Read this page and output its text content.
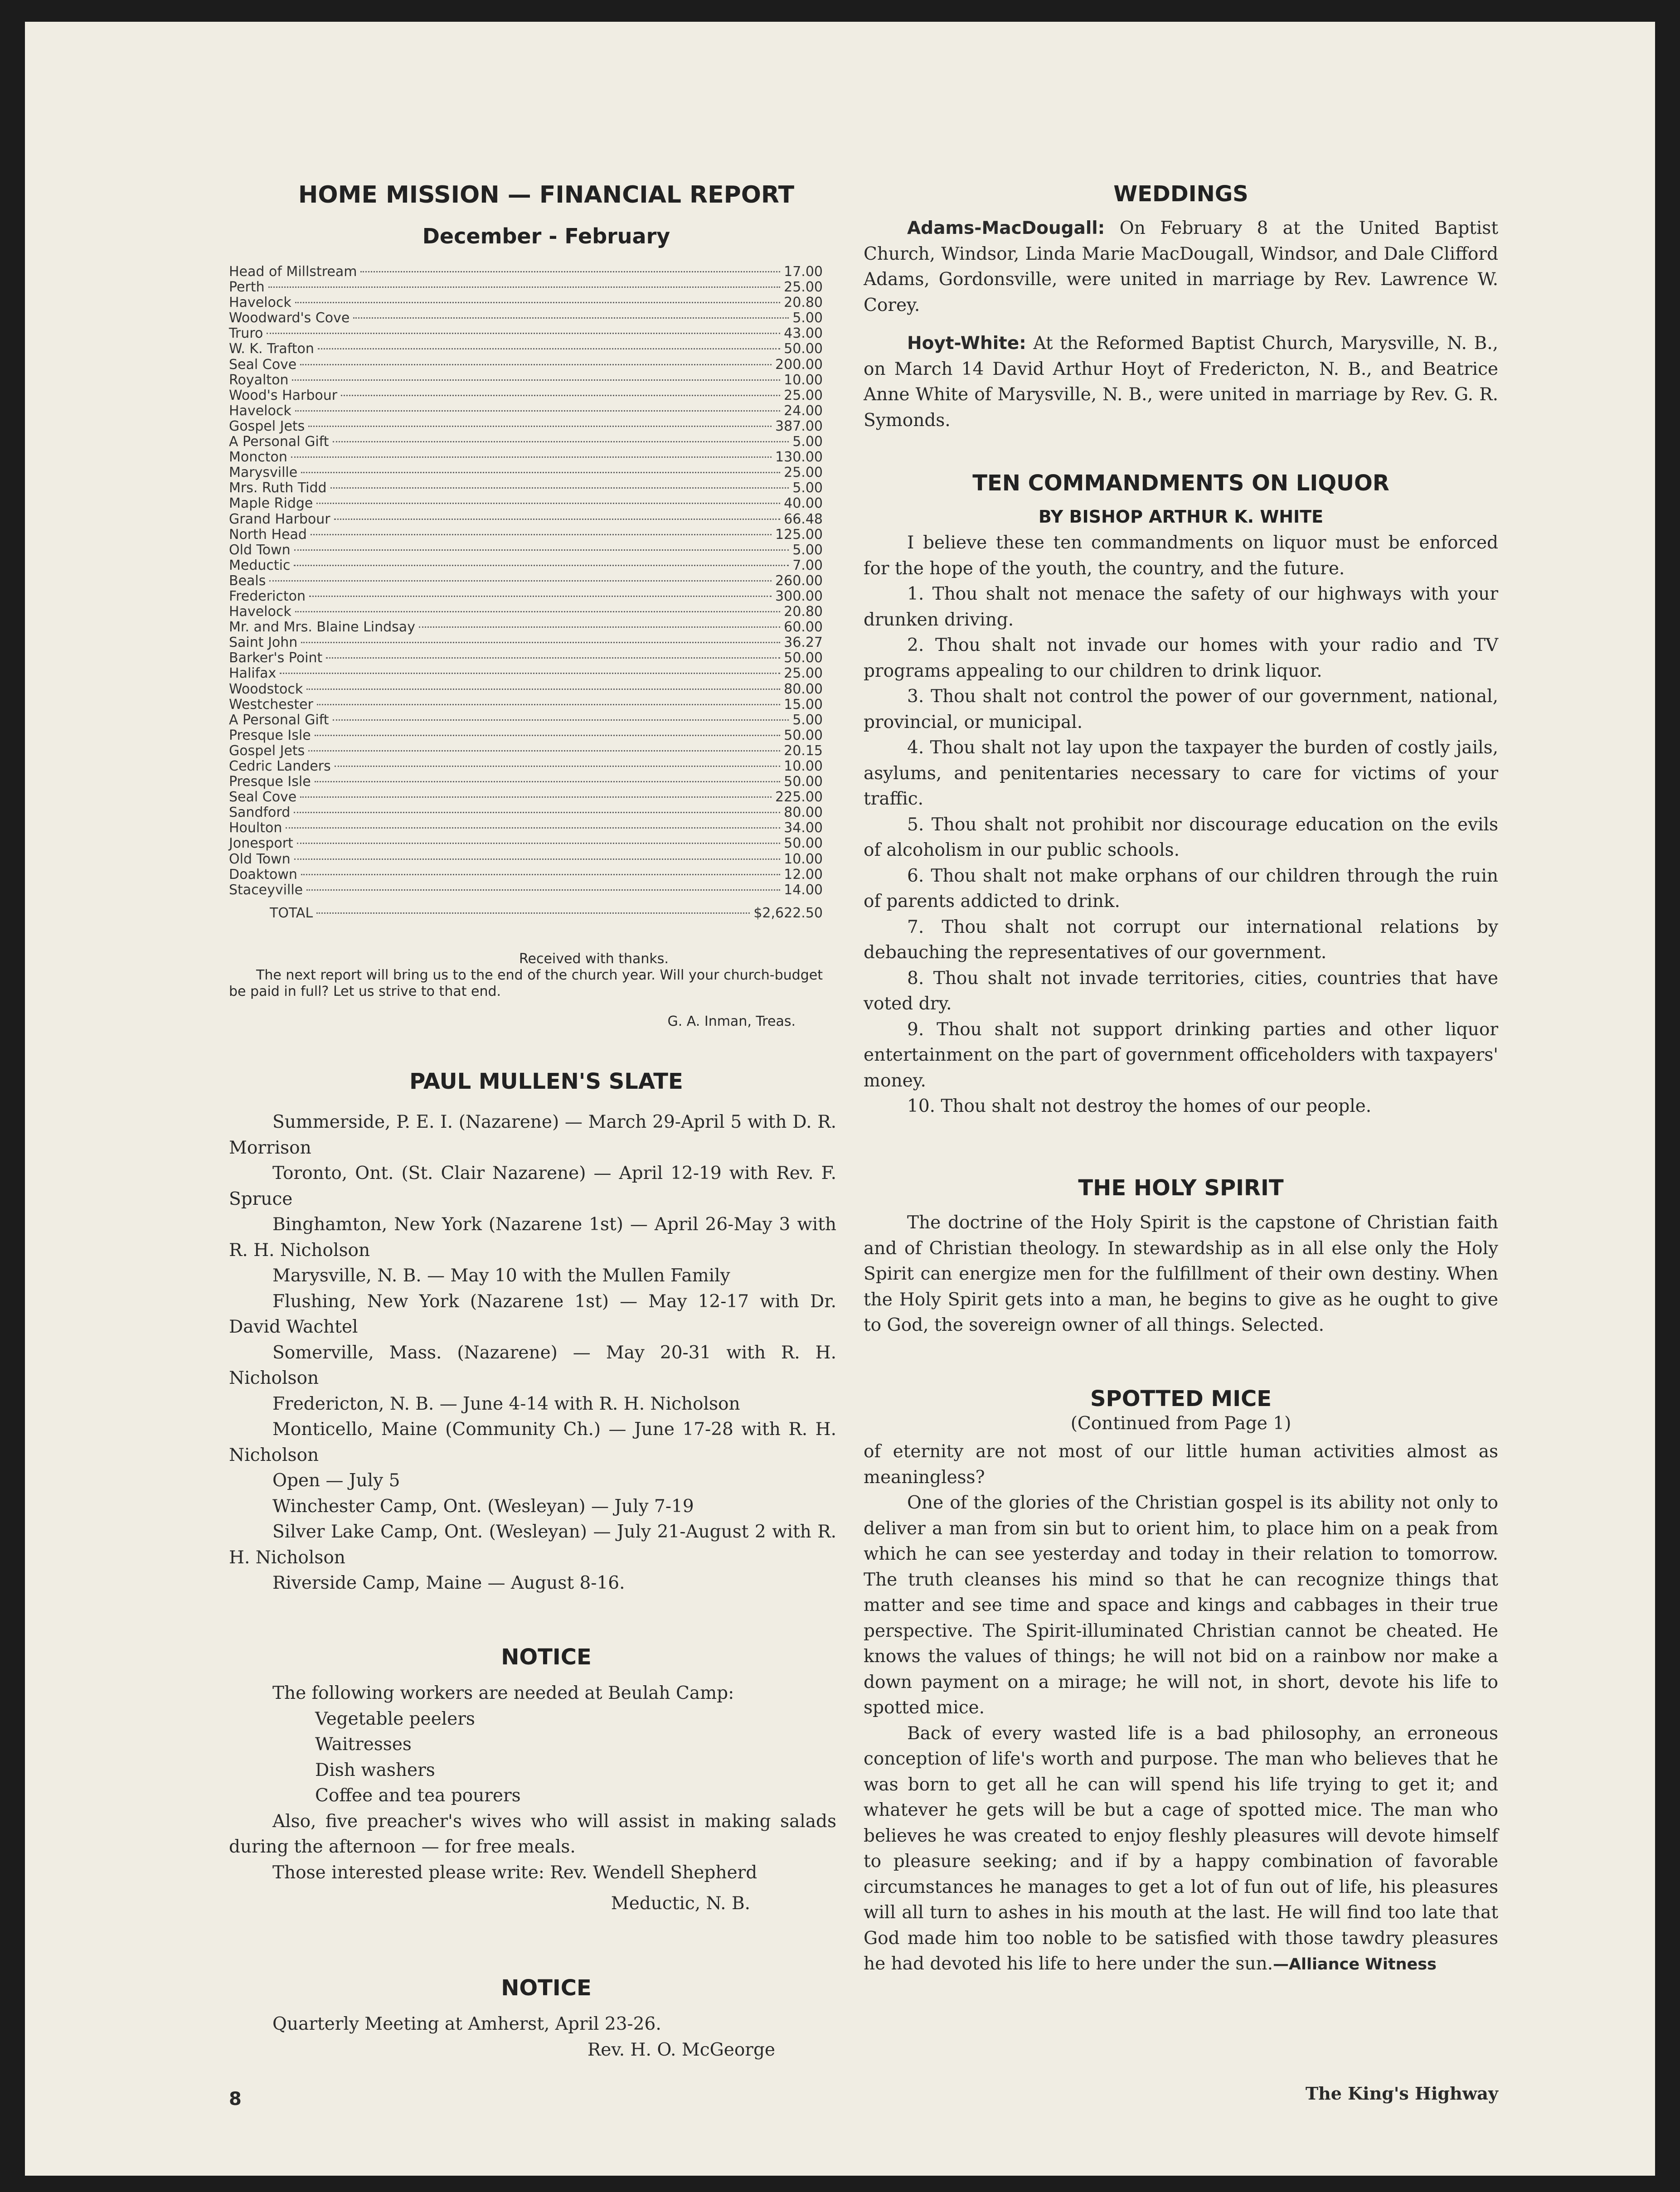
HOME MISSION — FINANCIAL REPORT
December - February
Head of Millstream	17.00
Perth	25.00
Havelock	20.80
Woodward's Cove	5.00
Truro	43.00
W. K. Trafton	50.00
Seal Cove	200.00
Royalton	10.00
Wood's Harbour	25.00
Havelock	24.00
Gospel Jets	387.00
A Personal Gift	5.00
Moncton	130.00
Marysville	25.00
Mrs. Ruth Tidd	5.00
Maple Ridge	40.00
Grand Harbour	66.48
North Head	125.00
Old Town	5.00
Meductic	7.00
Beals	260.00
Fredericton	300.00
Havelock	20.80
Mr. and Mrs. Blaine Lindsay	60.00
Saint John	36.27
Barker's Point	50.00
Halifax	25.00
Woodstock	80.00
Westchester	15.00
A Personal Gift	5.00
Presque Isle	50.00
Gospel Jets	20.15
Cedric Landers	10.00
Presque Isle	50.00
Seal Cove	225.00
Sandford	80.00
Houlton	34.00
Jonesport	50.00
Old Town	10.00
Doaktown	12.00
Staceyville	14.00
TOTAL	$2,622.50
Received with thanks.
The next report will bring us to the end of the church year. Will your church-budget be paid in full? Let us strive to that end.
G. A. Inman, Treas.
PAUL MULLEN'S SLATE

Summerside, P. E. I. (Nazarene) — March 29-April 5 with D. R. Morrison

Toronto, Ont. (St. Clair Nazarene) — April 12-19 with Rev. F. Spruce

Binghamton, New York (Nazarene 1st) — April 26-May 3 with R. H. Nicholson

Marysville, N. B. — May 10 with the Mullen Family

Flushing, New York (Nazarene 1st) — May 12-17 with Dr. David Wachtel

Somerville, Mass. (Nazarene) — May 20-31 with R. H. Nicholson

Fredericton, N. B. — June 4-14 with R. H. Nicholson

Monticello, Maine (Community Ch.) — June 17-28 with R. H. Nicholson

Open — July 5

Winchester Camp, Ont. (Wesleyan) — July 7-19

Silver Lake Camp, Ont. (Wesleyan) — July 21-August 2 with R. H. Nicholson

Riverside Camp, Maine — August 8-16.

NOTICE

The following workers are needed at Beulah Camp:

Vegetable peelers

Waitresses

Dish washers

Coffee and tea pourers

Also, five preacher's wives who will assist in making salads during the afternoon — for free meals.

Those interested please write: Rev. Wendell Shepherd

Meductic, N. B.

NOTICE

Quarterly Meeting at Amherst, April 23-26.

Rev. H. O. McGeorge

8
WEDDINGS

Adams-MacDougall: On February 8 at the United Baptist Church, Windsor, Linda Marie MacDougall, Windsor, and Dale Clifford Adams, Gordonsville, were united in marriage by Rev. Lawrence W. Corey.

Hoyt-White: At the Reformed Baptist Church, Marysville, N. B., on March 14 David Arthur Hoyt of Fredericton, N. B., and Beatrice Anne White of Marysville, N. B., were united in marriage by Rev. G. R. Symonds.

TEN COMMANDMENTS ON LIQUOR
BY BISHOP ARTHUR K. WHITE

I believe these ten commandments on liquor must be enforced for the hope of the youth, the country, and the future.

1. Thou shalt not menace the safety of our highways with your drunken driving.

2. Thou shalt not invade our homes with your radio and TV programs appealing to our children to drink liquor.

3. Thou shalt not control the power of our government, national, provincial, or municipal.

4. Thou shalt not lay upon the taxpayer the burden of costly jails, asylums, and penitentaries necessary to care for victims of your traffic.

5. Thou shalt not prohibit nor discourage education on the evils of alcoholism in our public schools.

6. Thou shalt not make orphans of our children through the ruin of parents addicted to drink.

7. Thou shalt not corrupt our international relations by debauching the representatives of our government.

8. Thou shalt not invade territories, cities, countries that have voted dry.

9. Thou shalt not support drinking parties and other liquor entertainment on the part of government officeholders with taxpayers' money.

10. Thou shalt not destroy the homes of our people.

THE HOLY SPIRIT

The doctrine of the Holy Spirit is the capstone of Christian faith and of Christian theology. In stewardship as in all else only the Holy Spirit can energize men for the fulfillment of their own destiny. When the Holy Spirit gets into a man, he begins to give as he ought to give to God, the sovereign owner of all things. Selected.

SPOTTED MICE
(Continued from Page 1)

of eternity are not most of our little human activities almost as meaningless?

One of the glories of the Christian gospel is its ability not only to deliver a man from sin but to orient him, to place him on a peak from which he can see yesterday and today in their relation to tomorrow. The truth cleanses his mind so that he can recognize things that matter and see time and space and kings and cabbages in their true perspective. The Spirit-illuminated Christian cannot be cheated. He knows the values of things; he will not bid on a rainbow nor make a down payment on a mirage; he will not, in short, devote his life to spotted mice.

Back of every wasted life is a bad philosophy, an erroneous conception of life's worth and purpose. The man who believes that he was born to get all he can will spend his life trying to get it; and whatever he gets will be but a cage of spotted mice. The man who believes he was created to enjoy fleshly pleasures will devote himself to pleasure seeking; and if by a happy combination of favorable circumstances he manages to get a lot of fun out of life, his pleasures will all turn to ashes in his mouth at the last. He will find too late that God made him too noble to be satisfied with those tawdry pleasures he had devoted his life to here under the sun.—Alliance Witness

The King's Highway
